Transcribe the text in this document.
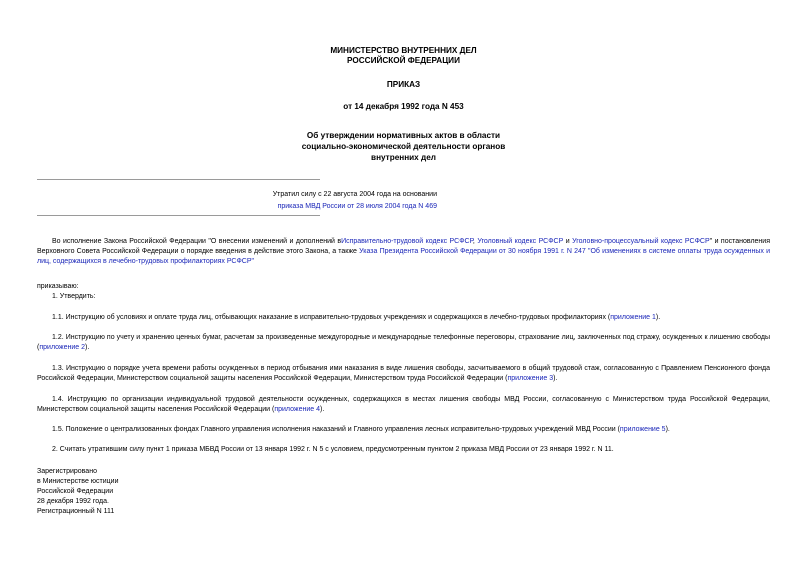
МИНИСТЕРСТВО ВНУТРЕННИХ ДЕЛ
РОССИЙСКОЙ ФЕДЕРАЦИИ
ПРИКАЗ
от 14 декабря 1992 года N 453
Об утверждении нормативных актов в области
социально-экономической деятельности органов
внутренних дел
Утратил силу с 22 августа 2004 года на основании
приказа МВД России от 28 июля 2004 года N 469
Во исполнение Закона Российской Федерации "О внесении изменений и дополнений вИсправительно-трудовой кодекс РСФСР, Уголовный кодекс РСФСР и Уголовно-процессуальный кодекс РСФСР" и постановления Верховного Совета Российской Федерации о порядке введения в действие этого Закона, а также Указа Президента Российской Федерации от 30 ноября 1991 г. N 247 "Об изменениях в системе оплаты труда осужденных и лиц, содержащихся в лечебно-трудовых профилакториях РСФСР"
приказываю:
1. Утвердить:
1.1. Инструкцию об условиях и оплате труда лиц, отбывающих наказание в исправительно-трудовых учреждениях и содержащихся в лечебно-трудовых профилакториях (приложение 1).
1.2. Инструкцию по учету и хранению ценных бумаг, расчетам за произведенные междугородные и международные телефонные переговоры, страхование лиц, заключенных под стражу, осужденных к лишению свободы (приложение 2).
1.3. Инструкцию о порядке учета времени работы осужденных в период отбывания ими наказания в виде лишения свободы, засчитываемого в общий трудовой стаж, согласованную с Правлением Пенсионного фонда Российской Федерации, Министерством социальной защиты населения Российской Федерации, Министерством труда Российской Федерации (приложение 3).
1.4. Инструкцию по организации индивидуальной трудовой деятельности осужденных, содержащихся в местах лишения свободы МВД России, согласованную с Министерством труда Российской Федерации, Министерством социальной защиты населения Российской Федерации (приложение 4).
1.5. Положение о централизованных фондах Главного управления исполнения наказаний и Главного управления лесных исправительно-трудовых учреждений МВД России (приложение 5).
2. Считать утратившим силу пункт 1 приказа МБВД России от 13 января 1992 г. N 5 с условием, предусмотренным пунктом 2 приказа МВД России от 23 января 1992 г. N 11.
Зарегистрировано
в Министерстве юстиции
Российской Федерации
28 декабря 1992 года.
Регистрационный N 111
